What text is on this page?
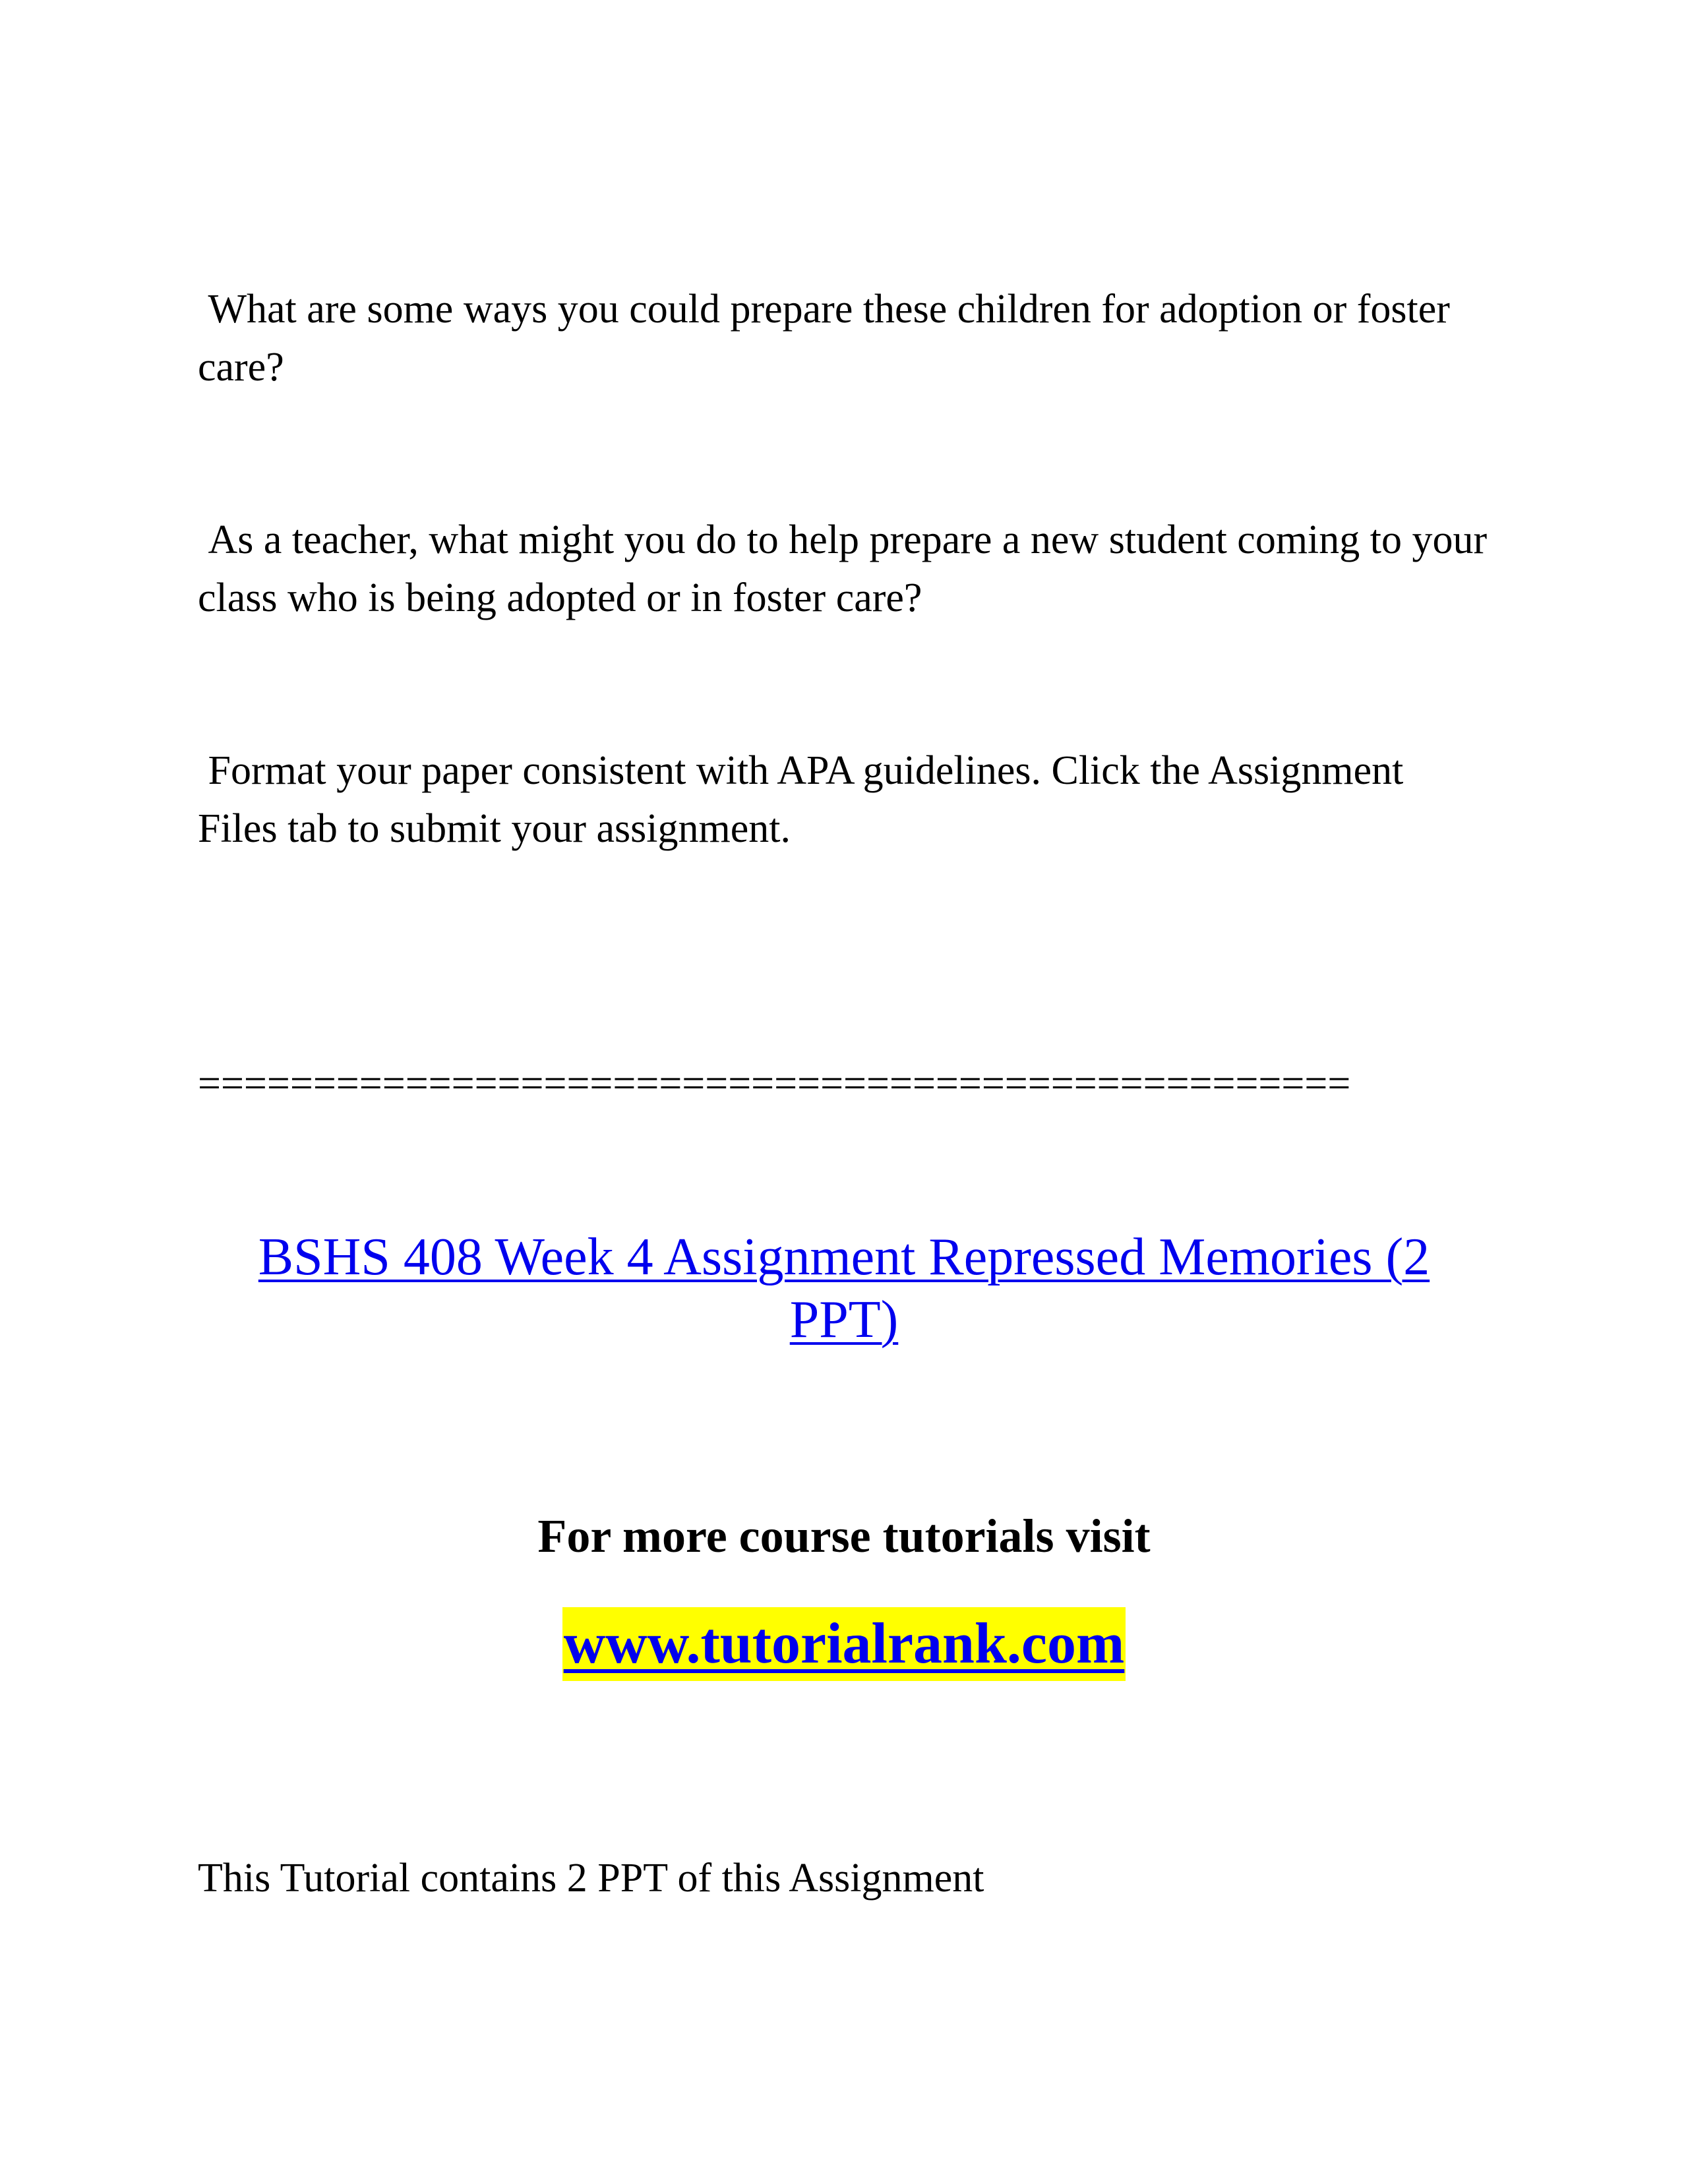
What are some ways you could prepare these children for adoption or foster care?

As a teacher, what might you do to help prepare a new student coming to your class who is being adopted or in foster care?

Format your paper consistent with APA guidelines. Click the Assignment Files tab to submit your assignment.

==================================================

BSHS 408 Week 4 Assignment Repressed Memories (2 PPT)

For more course tutorials visit

www.tutorialrank.com

This Tutorial contains 2 PPT of this Assignment
